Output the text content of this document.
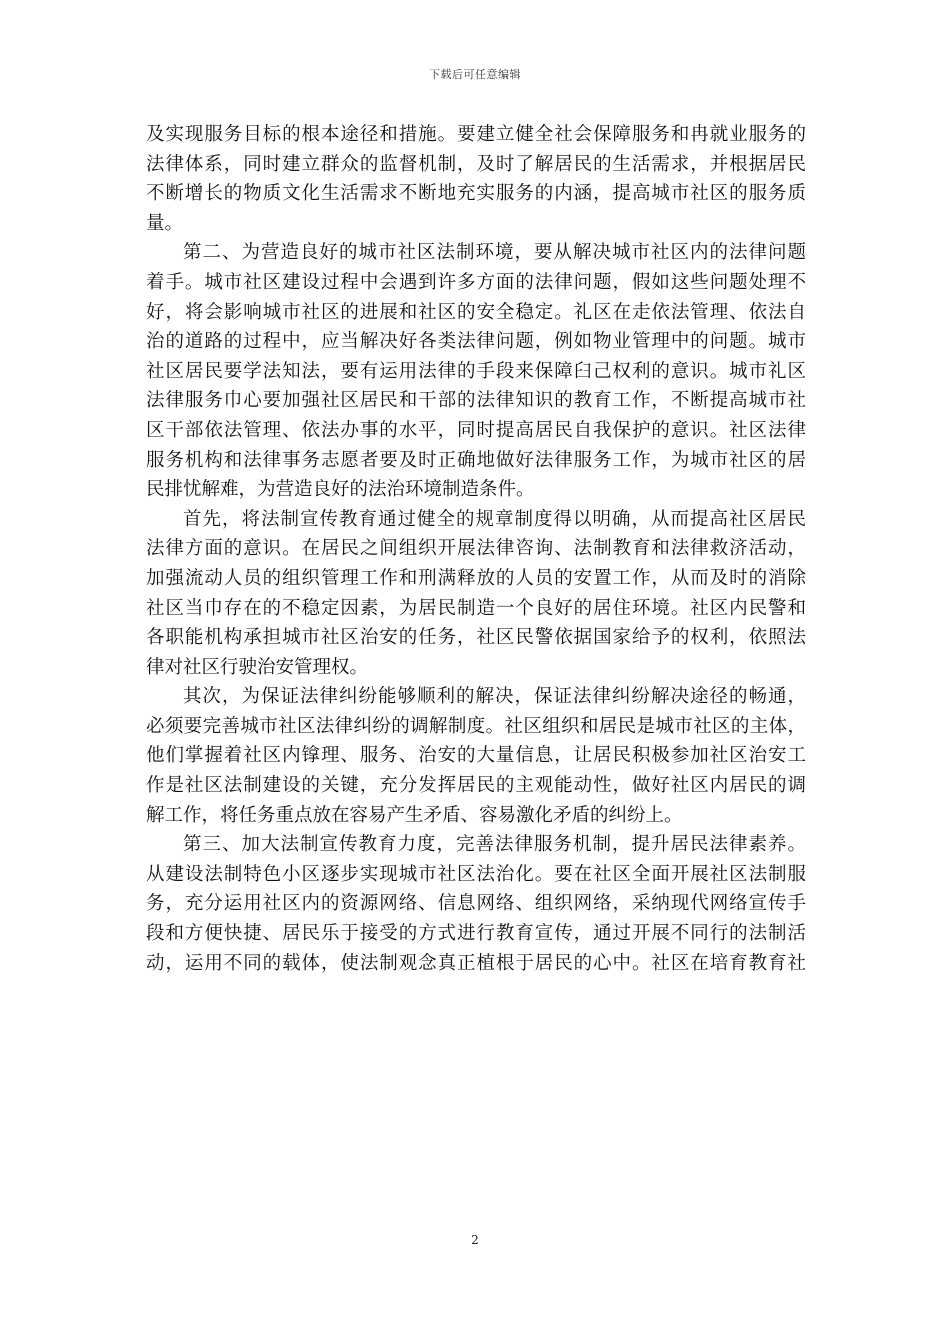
下载后可任意编辑
及实现服务目标的根本途径和措施。要建立健全社会保障服务和冉就业服务的
法律体系，同时建立群众的监督机制，及时了解居民的生活需求，并根据居民
不断增长的物质文化生活需求不断地充实服务的内涵，提高城市社区的服务质
量。
第二、为营造良好的城市社区法制环境，要从解决城市社区内的法律问题
着手。城市社区建设过程中会遇到许多方面的法律问题，假如这些问题处理不
好，将会影响城市社区的进展和社区的安全稳定。礼区在走依法管理、依法自
治的道路的过程中，应当解决好各类法律问题，例如物业管理中的问题。城市
社区居民要学法知法，要有运用法律的手段来保障臼己权利的意识。城市礼区
法律服务巾心要加强社区居民和干部的法律知识的教育工作，不断提高城市社
区干部依法管理、依法办事的水平，同时提高居民自我保护的意识。社区法律
服务机构和法律事务志愿者要及时正确地做好法律服务工作，为城市社区的居
民排忧解难，为营造良好的法治环境制造条件。
首先，将法制宣传教育通过健全的规章制度得以明确，从而提高社区居民
法律方面的意识。在居民之间组织开展法律咨询、法制教育和法律救济活动，
加强流动人员的组织管理工作和刑满释放的人员的安置工作，从而及时的消除
社区当巾存在的不稳定因素，为居民制造一个良好的居住环境。社区内民警和
各职能机构承担城市社区治安的任务，社区民警依据国家给予的权利，依照法
律对社区行驶治安管理权。
其次，为保证法律纠纷能够顺利的解决，保证法律纠纷解决途径的畅通，
必须要完善城市社区法律纠纷的调解制度。社区组织和居民是城市社区的主体，
他们掌握着社区内镎理、服务、治安的大量信息，让居民积极参加社区治安工
作是社区法制建设的关键，充分发挥居民的主观能动性，做好社区内居民的调
解工作，将任务重点放在容易产生矛盾、容易激化矛盾的纠纷上。
第三、加大法制宣传教育力度，完善法律服务机制，提升居民法律素养。
从建设法制特色小区逐步实现城市社区法治化。要在社区全面开展社区法制服
务，充分运用社区内的资源网络、信息网络、组织网络，采纳现代网络宣传手
段和方便快捷、居民乐于接受的方式进行教育宣传，通过开展不同行的法制活
动，运用不同的载体，使法制观念真正植根于居民的心中。社区在培育教育社
2
